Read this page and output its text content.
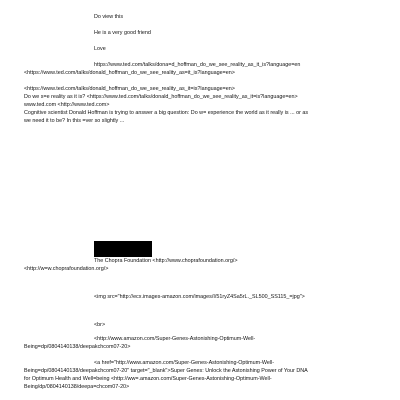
Do view this
He is a very good friend
Love
https://www.ted.com/talks/dona=d_hoffman_do_we_see_reality_as_it_is?language=en
<https://www.ted.com/talks/donald_hoffman_do_we_see_reality_as=it_is?language=en>
<https://www.ted.com/talks/donald_hoffman_do_we_see_reality_as_it=is?language=en>
Do we s=e reality as it is? <https://www.ted.com/talks/donald_hoffman_do_we_see_reality_as_it=is?language=en>
www.ted.com <http://www.ted.com>
Cognitive scientist Donald Hoffman is trying to answer a big question: Do w= experience the world as it really is ... or as
we need it to be? In this =ver so slightly ...
The Chopra Foundation <http://www.choprafoundation.org/>
<http://w=w.choprafoundation.org/>
<img src="http://ecx.images-amazon.com/images/I/51ryZ4Sa5rL._SL500_SS115_=jpg">
<br>
<http://www.amazon.com/Super-Genes-Astonishing-Optimum-Well-
Being=dp/0804140138/deepakchcom07-20>
<a href="http://www.amazon.com/Super-Genes-Astonishing-Optimum-Well-
Being=dp/0804140138/deepakchcom07-20" target="_blank">Super Genes: Unlock the Astonishing Power of Your DNA
for Optimum Health and Well=being <http://ww=.amazon.com/Super-Genes-Astonishing-Optimum-Well-
Being/dp/0804140138/deepa=chcom07-20>
